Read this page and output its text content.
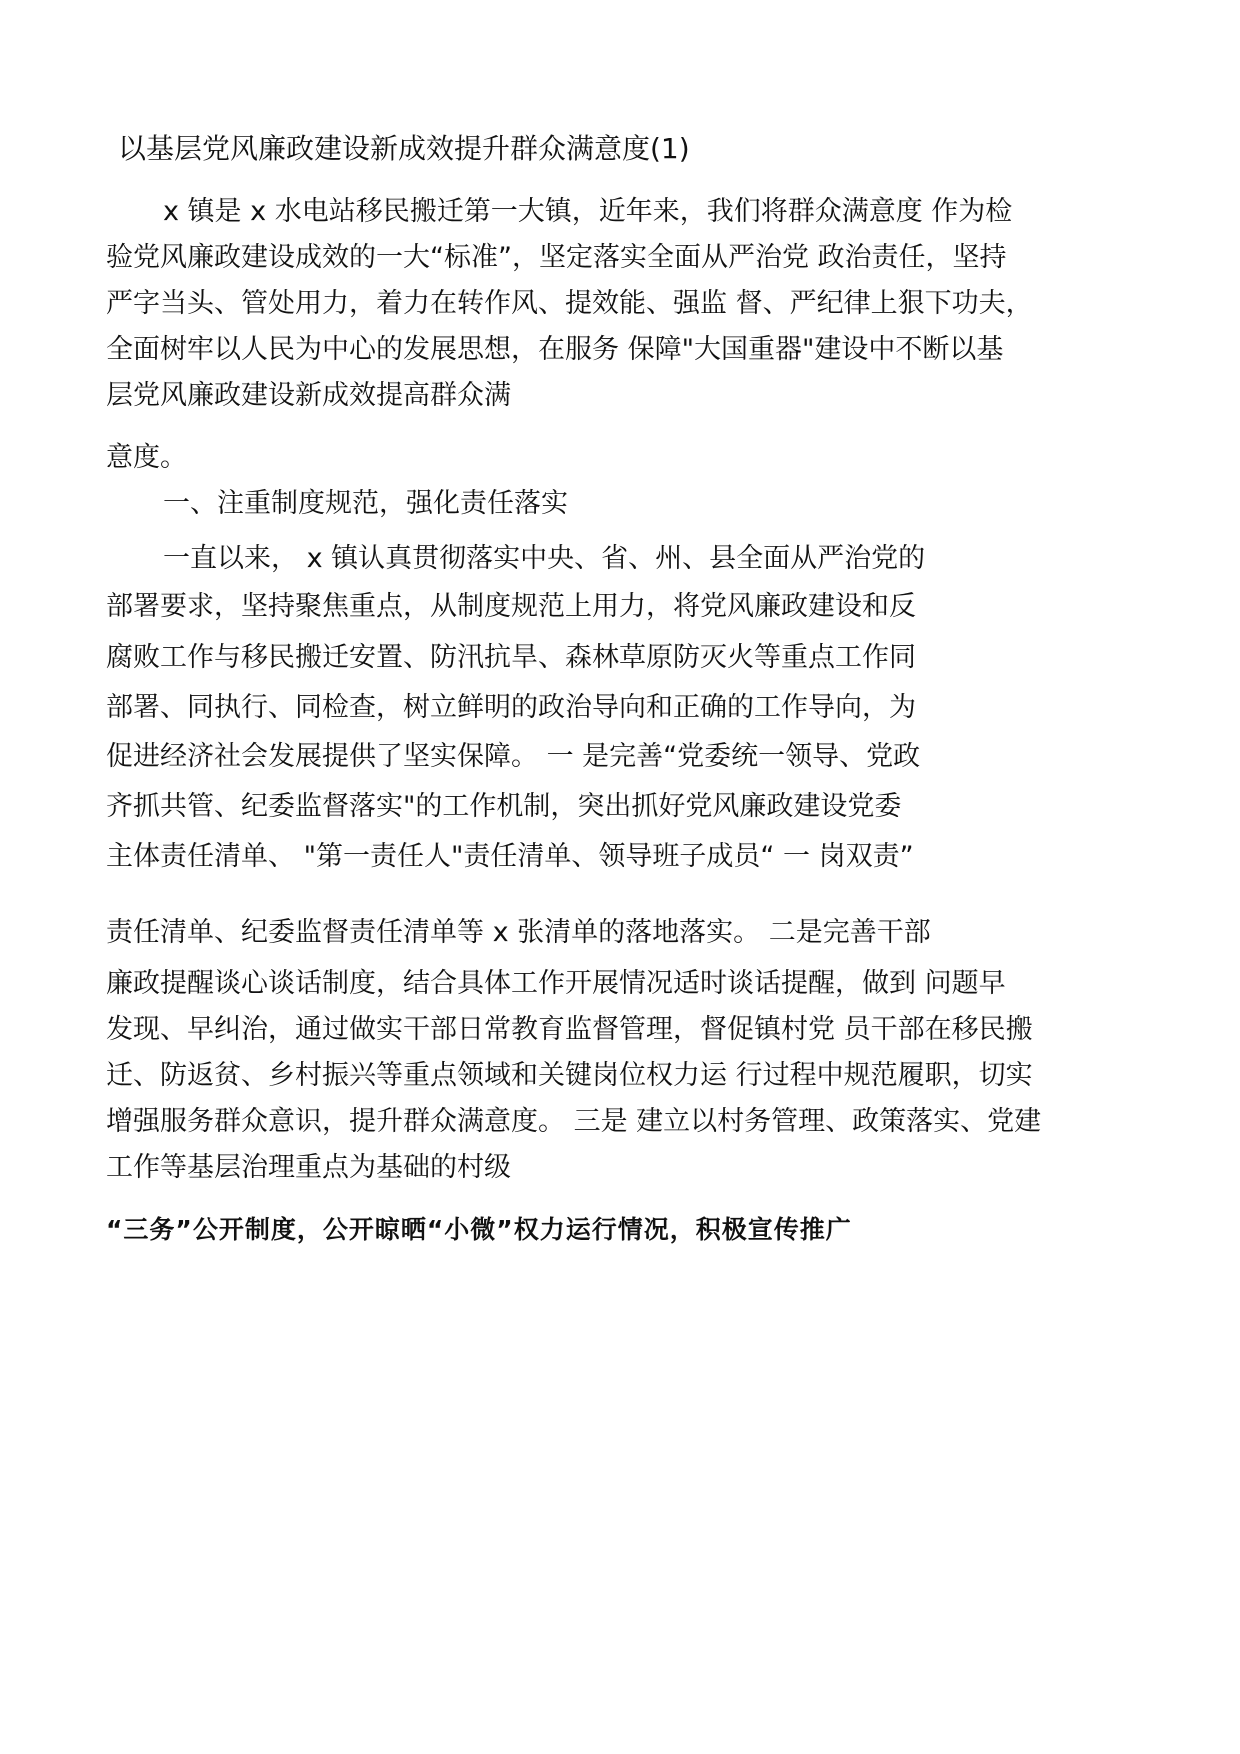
以基层党风廉政建设新成效提升群众满意度(1)
x 镇是 x 水电站移民搬迁第一大镇，近年来，我们将群众满意度 作为检
验党风廉政建设成效的一大“标准”，坚定落实全面从严治党 政治责任，坚持
严字当头、管处用力，着力在转作风、提效能、强监 督、严纪律上狠下功夫，
全面树牢以人民为中心的发展思想，在服务 保障"大国重器"建设中不断以基
层党风廉政建设新成效提高群众满
意度。
一、注重制度规范，强化责任落实
一直以来， x 镇认真贯彻落实中央、省、州、县全面从严治党的
部署要求，坚持聚焦重点，从制度规范上用力，将党风廉政建设和反
腐败工作与移民搬迁安置、防汛抗旱、森林草原防灭火等重点工作同
部署、同执行、同检查，树立鲜明的政治导向和正确的工作导向，为
促进经济社会发展提供了坚实保障。 一 是完善“党委统一领导、党政
齐抓共管、纪委监督落实"的工作机制，突出抓好党风廉政建设党委
主体责任清单、 "第一责任人"责任清单、领导班子成员“ 一 岗双责”
责任清单、纪委监督责任清单等 x 张清单的落地落实。 二是完善干部
廉政提醒谈心谈话制度，结合具体工作开展情况适时谈话提醒，做到 问题早
发现、早纠治，通过做实干部日常教育监督管理，督促镇村党 员干部在移民搬
迁、防返贫、乡村振兴等重点领域和关键岗位权力运 行过程中规范履职，切实
增强服务群众意识，提升群众满意度。 三是 建立以村务管理、政策落实、党建
工作等基层治理重点为基础的村级
“三务”公开制度，公开晾晒“小微”权力运行情况，积极宣传推广
